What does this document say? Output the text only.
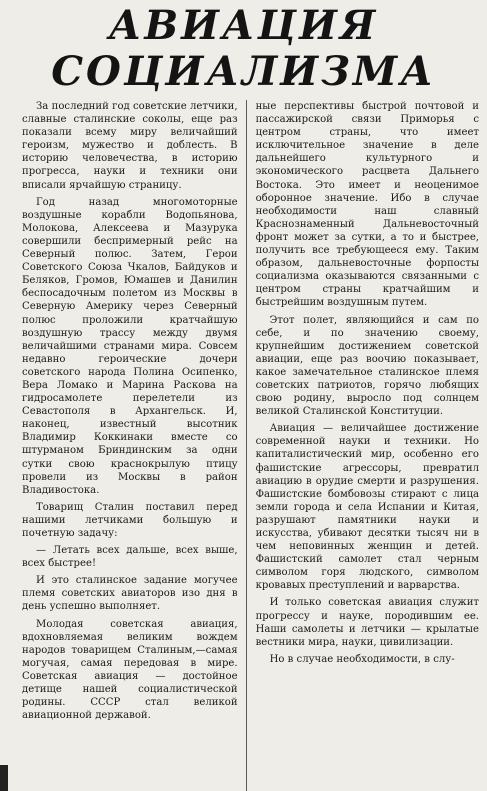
АВИАЦИЯ
СОЦИАЛИЗМА

За последний год советские летчики, славные сталинские соколы, еще раз показали всему миру величайший героизм, мужество и доблесть. В историю человечества, в историю прогресса, науки и техники они вписали ярчайшую страницу.

Год назад многомоторные воздушные корабли Водопьянова, Молокова, Алексеева и Мазурука совершили беспримерный рейс на Северный полюс. Затем, Герои Советского Союза Чкалов, Байдуков и Беляков, Громов, Юмашев и Данилин беспосадочным полетом из Москвы в Северную Америку через Северный полюс проложили кратчайшую воздушную трассу между двумя величайшими странами мира. Совсем недавно героические дочери советского народа Полина Осипенко, Вера Ломако и Марина Раскова на гидросамолете перелетели из Севастополя в Архангельск. И, наконец, известный высотник Владимир Коккинаки вместе со штурманом Бриндинским за одни сутки свою краснокрылую птицу провели из Москвы в район Владивостока.

Товарищ Сталин поставил перед нашими летчиками большую и почетную задачу:

— Летать всех дальше, всех выше, всех быстрее!

И это сталинское задание могучее племя советских авиаторов изо дня в день успешно выполняет.

Молодая советская авиация, вдохновляемая великим вождем народов товарищем Сталиным,—самая могучая, самая передовая в мире. Советская авиация — достойное детище нашей социалистической родины. СССР стал великой авиационной державой.

ные перспективы быстрой почтовой и пассажирской связи Приморья с центром страны, что имеет исключительное значение в деле дальнейшего культурного и экономического расцвета Дальнего Востока. Это имеет и неоценимое оборонное значение. Ибо в случае необходимости наш славный Краснознаменный Дальневосточный фронт может за сутки, а то и быстрее, получить все требующееся ему. Таким образом, дальневосточные форпосты социализма оказываются связанными с центром страны кратчайшим и быстрейшим воздушным путем.

Этот полет, являющийся и сам по себе, и по значению своему, крупнейшим достижением советской авиации, еще раз воочию показывает, какое замечательное сталинское племя советских патриотов, горячо любящих свою родину, выросло под солнцем великой Сталинской Конституции.

Авиация — величайшее достижение современной науки и техники. Но капиталистический мир, особенно его фашистские агрессоры, превратил авиацию в орудие смерти и разрушения. Фашистские бомбовозы стирают с лица земли города и села Испании и Китая, разрушают памятники науки и искусства, убивают десятки тысяч ни в чем неповинных женщин и детей. Фашистский самолет стал черным символом горя людского, символом кровавых преступлений и варварства.

И только советская авиация служит прогрессу и науке, породившим ее. Наши самолеты и летчики — крылатые вестники мира, науки, цивилизации.

Но в случае необходимости, в слу-
